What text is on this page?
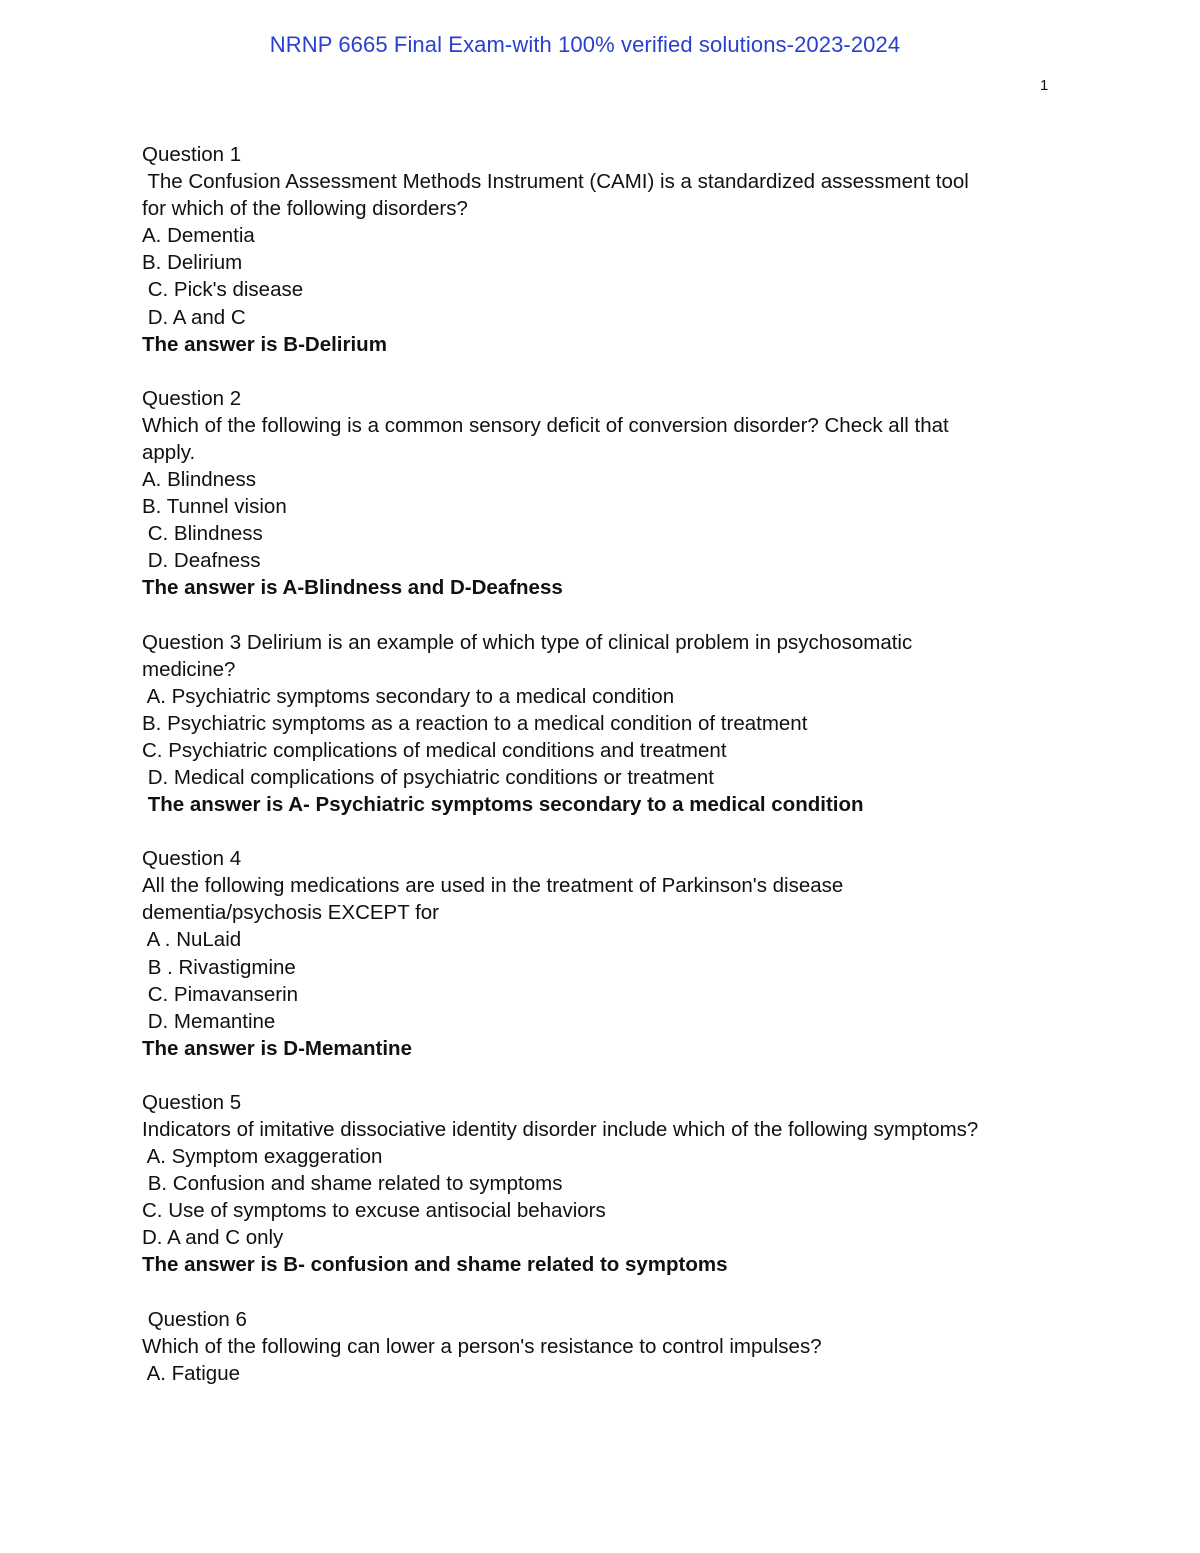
NRNP 6665 Final Exam-with 100% verified solutions-2023-2024
1
Question 1
The Confusion Assessment Methods Instrument (CAMI) is a standardized assessment tool
for which of the following disorders?
A. Dementia
B. Delirium
C. Pick's disease
D. A and C
The answer is B-Delirium
Question 2
Which of the following is a common sensory deficit of conversion disorder? Check all that
apply.
A. Blindness
B. Tunnel vision
C. Blindness
D. Deafness
The answer is A-Blindness and D-Deafness
Question 3 Delirium is an example of which type of clinical problem in psychosomatic
medicine?
A. Psychiatric symptoms secondary to a medical condition
B. Psychiatric symptoms as a reaction to a medical condition of treatment
C. Psychiatric complications of medical conditions and treatment
D. Medical complications of psychiatric conditions or treatment
The answer is A- Psychiatric symptoms secondary to a medical condition
Question 4
All the following medications are used in the treatment of Parkinson's disease
dementia/psychosis EXCEPT for
A . NuLaid
B . Rivastigmine
C. Pimavanserin
D. Memantine
The answer is D-Memantine
Question 5
Indicators of imitative dissociative identity disorder include which of the following symptoms?
A. Symptom exaggeration
B. Confusion and shame related to symptoms
C. Use of symptoms to excuse antisocial behaviors
D. A and C only
The answer is B- confusion and shame related to symptoms
Question 6
Which of the following can lower a person's resistance to control impulses?
A. Fatigue
